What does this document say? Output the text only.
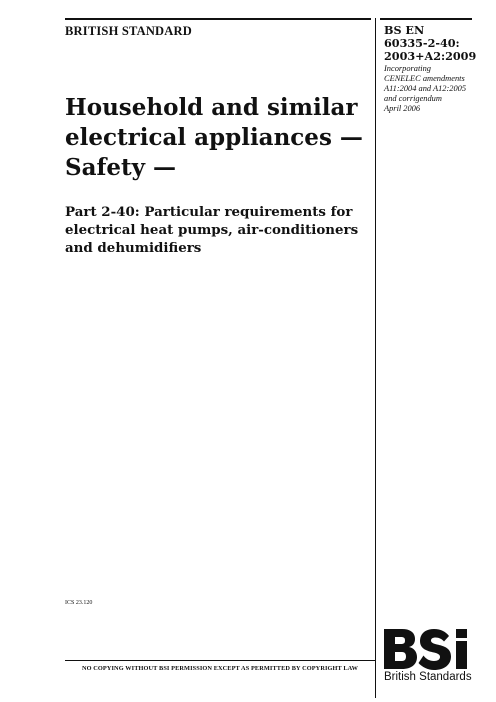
BRITISH STANDARD	BS EN
60335-2-40:
2003+A2:2009

Incorporating
CENELEC amendments
A11:2004 and A12:2005
and corrigendum
April 2006

Household and similar
electrical appliances —
Safety —
Part 2-40: Particular requirements for
electrical heat pumps, air-conditioners
and dehumidifiers

ICS 23.120

NO COPYING WITHOUT BSI PERMISSION EXCEPT AS PERMITTED BY COPYRIGHT LAW

British Standards
